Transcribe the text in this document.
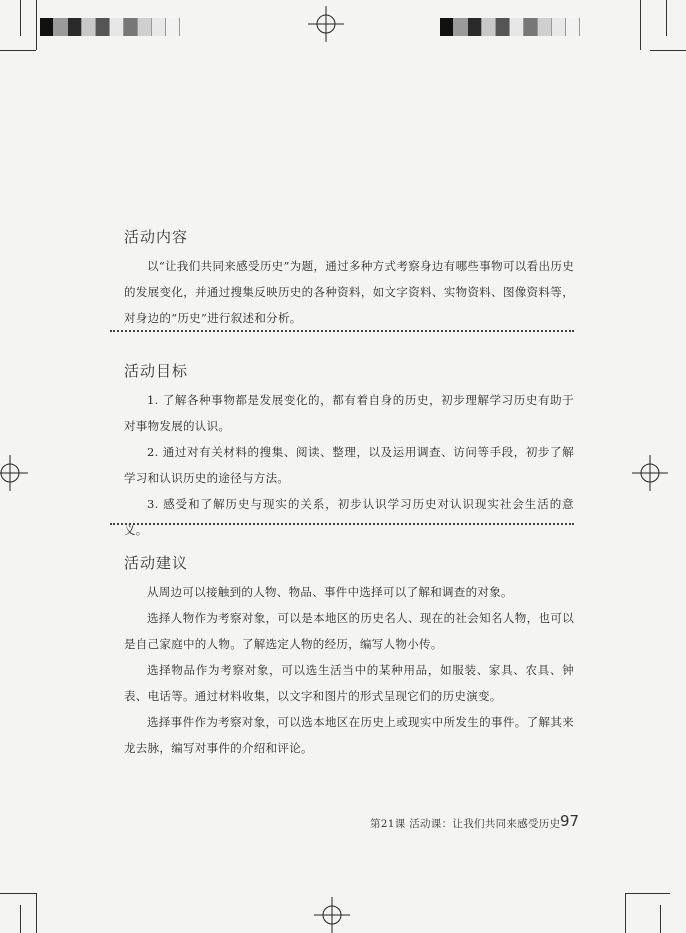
活动内容

以“让我们共同来感受历史”为题，通过多种方式考察身边有哪些事物可以看出历史的发展变化，并通过搜集反映历史的各种资料，如文字资料、实物资料、图像资料等，对身边的“历史”进行叙述和分析。

活动目标

1. 了解各种事物都是发展变化的，都有着自身的历史，初步理解学习历史有助于对事物发展的认识。

2. 通过对有关材料的搜集、阅读、整理，以及运用调查、访问等手段，初步了解学习和认识历史的途径与方法。

3. 感受和了解历史与现实的关系，初步认识学习历史对认识现实社会生活的意义。

活动建议

从周边可以接触到的人物、物品、事件中选择可以了解和调查的对象。

选择人物作为考察对象，可以是本地区的历史名人、现在的社会知名人物，也可以是自己家庭中的人物。了解选定人物的经历，编写人物小传。

选择物品作为考察对象，可以选生活当中的某种用品，如服装、家具、农具、钟表、电话等。通过材料收集，以文字和图片的形式呈现它们的历史演变。

选择事件作为考察对象，可以选本地区在历史上或现实中所发生的事件。了解其来龙去脉，编写对事件的介绍和评论。

第21课 活动课：让我们共同来感受历史 97
